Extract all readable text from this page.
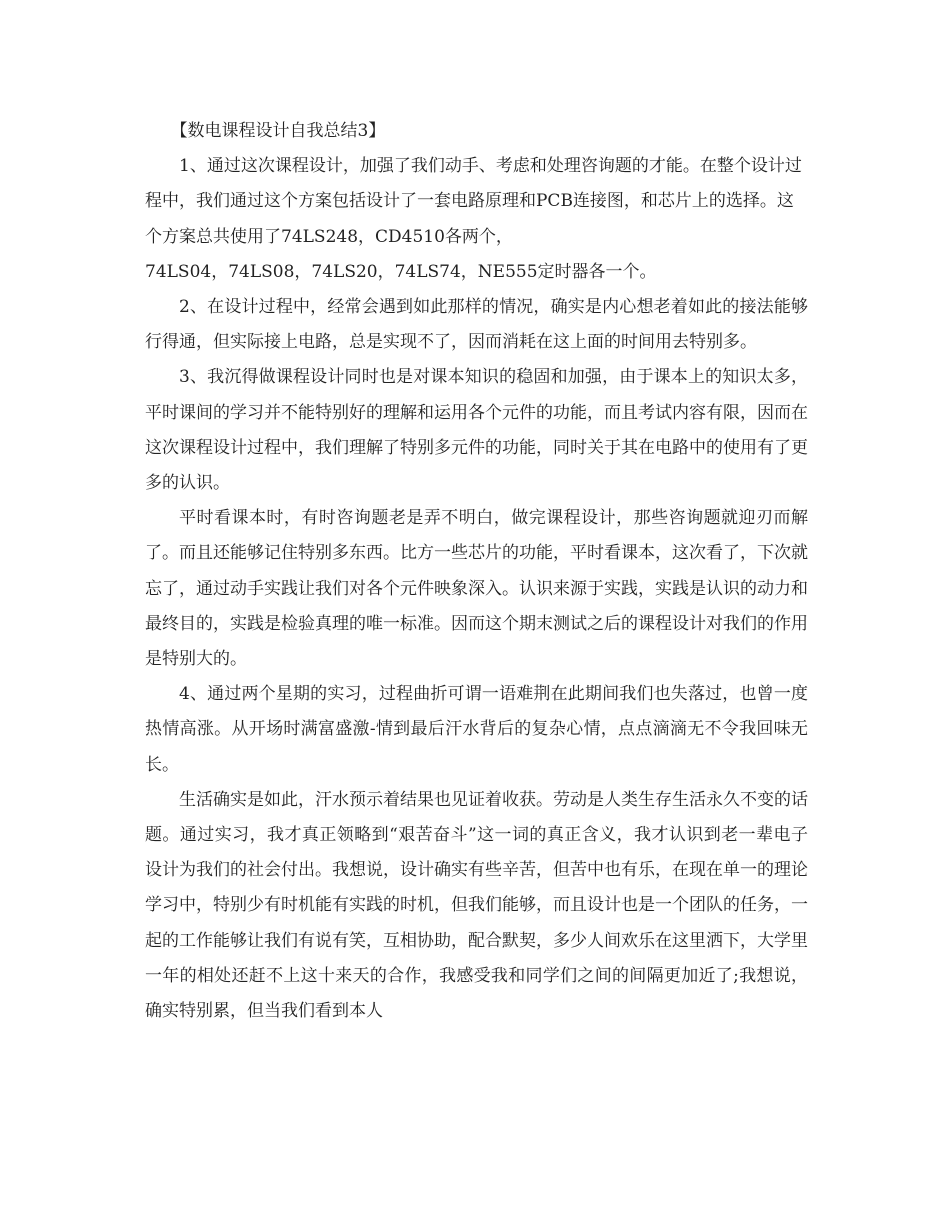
【数电课程设计自我总结3】

1、通过这次课程设计，加强了我们动手、考虑和处理咨询题的才能。在整个设计过程中，我们通过这个方案包括设计了一套电路原理和PCB连接图，和芯片上的选择。这个方案总共使用了74LS248，CD4510各两个，

74LS04，74LS08，74LS20，74LS74，NE555定时器各一个。

2、在设计过程中，经常会遇到如此那样的情况，确实是内心想老着如此的接法能够行得通，但实际接上电路，总是实现不了，因而消耗在这上面的时间用去特别多。

3、我沉得做课程设计同时也是对课本知识的稳固和加强，由于课本上的知识太多，平时课间的学习并不能特别好的理解和运用各个元件的功能，而且考试内容有限，因而在这次课程设计过程中，我们理解了特别多元件的功能，同时关于其在电路中的使用有了更多的认识。

平时看课本时，有时咨询题老是弄不明白，做完课程设计，那些咨询题就迎刃而解了。而且还能够记住特别多东西。比方一些芯片的功能，平时看课本，这次看了，下次就忘了，通过动手实践让我们对各个元件映象深入。认识来源于实践，实践是认识的动力和最终目的，实践是检验真理的唯一标准。因而这个期末测试之后的课程设计对我们的作用是特别大的。

4、通过两个星期的实习，过程曲折可谓一语难荆在此期间我们也失落过，也曾一度热情高涨。从开场时满富盛激-情到最后汗水背后的复杂心情，点点滴滴无不令我回味无长。

生活确实是如此，汗水预示着结果也见证着收获。劳动是人类生存生活永久不变的话题。通过实习，我才真正领略到“艰苦奋斗”这一词的真正含义，我才认识到老一辈电子设计为我们的社会付出。我想说，设计确实有些辛苦，但苦中也有乐，在现在单一的理论学习中，特别少有时机能有实践的时机，但我们能够，而且设计也是一个团队的任务，一起的工作能够让我们有说有笑，互相协助，配合默契，多少人间欢乐在这里洒下，大学里一年的相处还赶不上这十来天的合作，我感受我和同学们之间的间隔更加近了;我想说，确实特别累，但当我们看到本人
